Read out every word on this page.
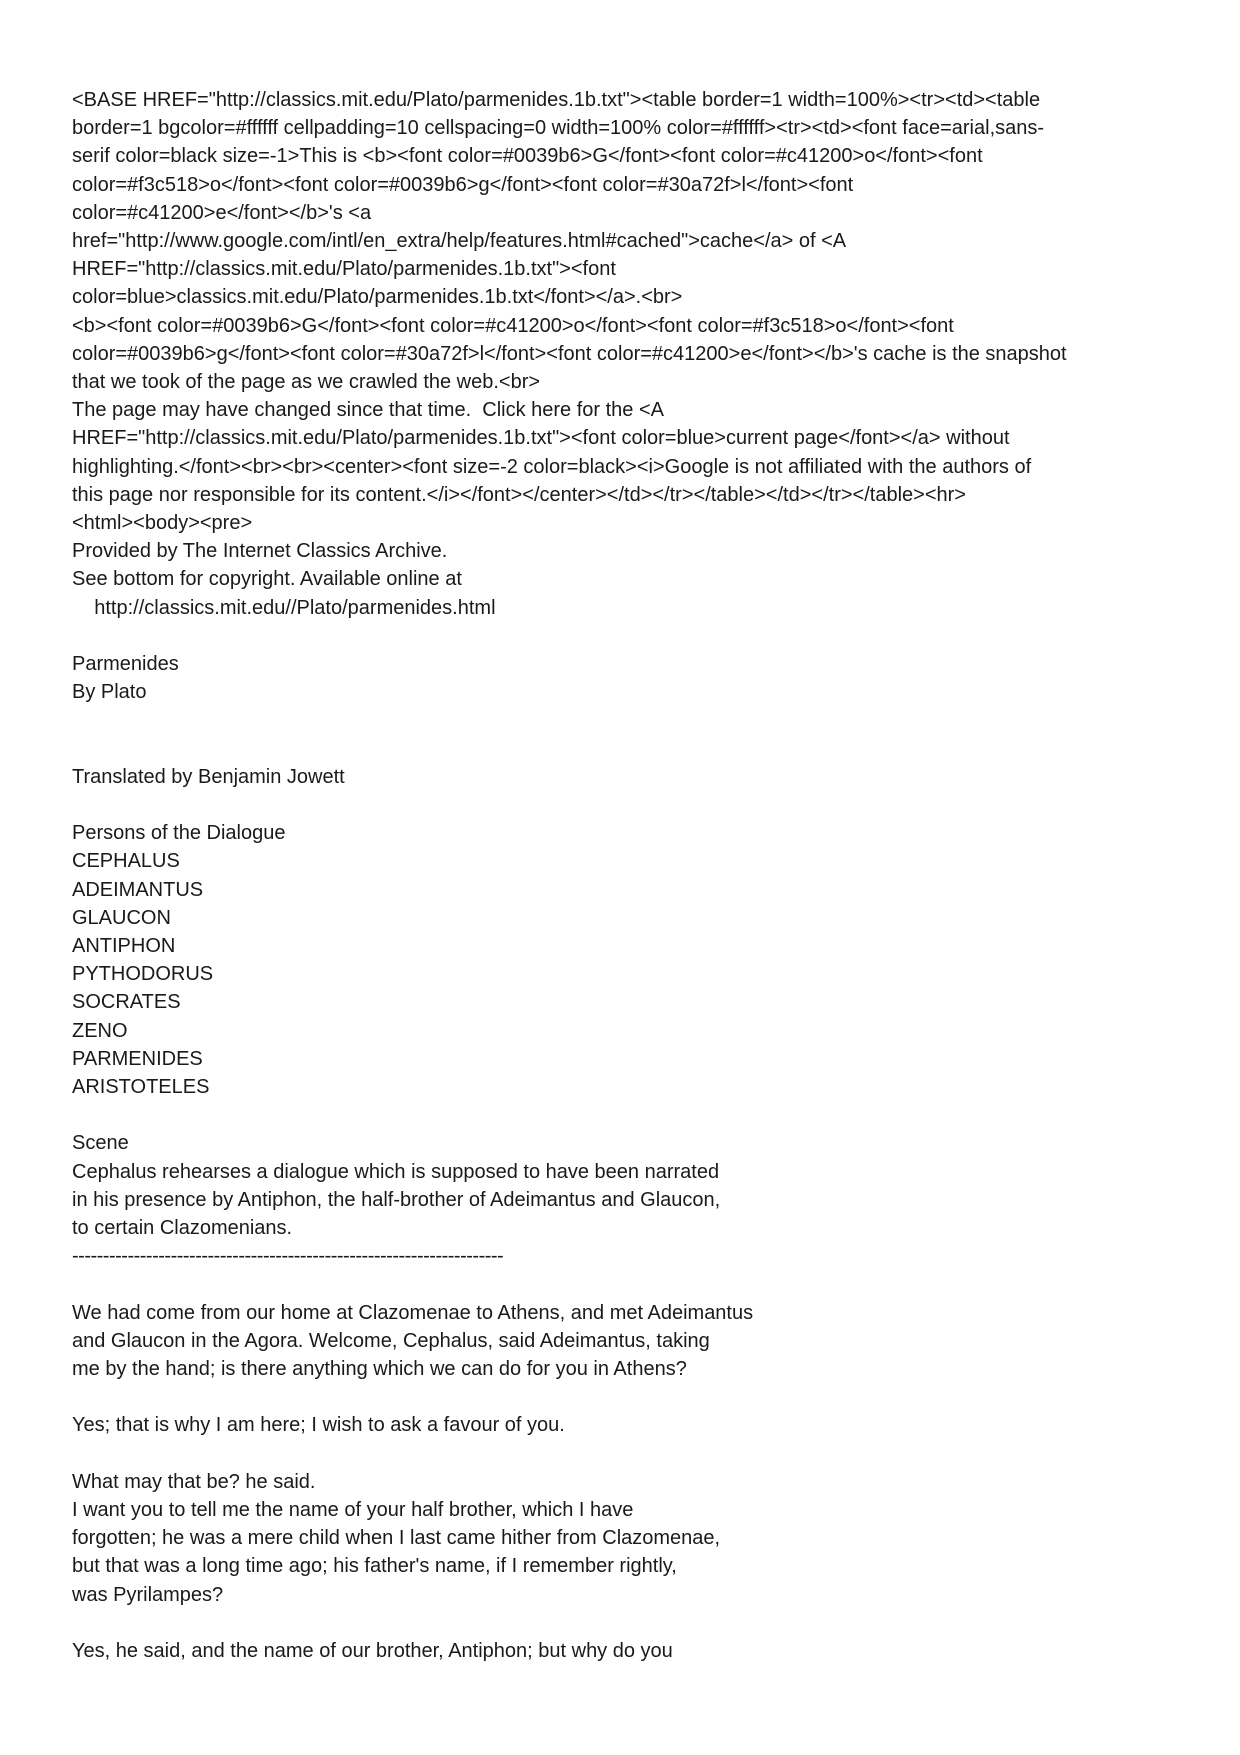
<BASE HREF="http://classics.mit.edu/Plato/parmenides.1b.txt"><table border=1 width=100%><tr><td><table
border=1 bgcolor=#ffffff cellpadding=10 cellspacing=0 width=100% color=#ffffff><tr><td><font face=arial,sans-
serif color=black size=-1>This is <b><font color=#0039b6>G</font><font color=#c41200>o</font><font
color=#f3c518>o</font><font color=#0039b6>g</font><font color=#30a72f>l</font><font
color=#c41200>e</font></b>'s <a
href="http://www.google.com/intl/en_extra/help/features.html#cached">cache</a> of <A
HREF="http://classics.mit.edu/Plato/parmenides.1b.txt"><font
color=blue>classics.mit.edu/Plato/parmenides.1b.txt</font></a>.<br>
<b><font color=#0039b6>G</font><font color=#c41200>o</font><font color=#f3c518>o</font><font
color=#0039b6>g</font><font color=#30a72f>l</font><font color=#c41200>e</font></b>'s cache is the snapshot
that we took of the page as we crawled the web.<br>
The page may have changed since that time.  Click here for the <A
HREF="http://classics.mit.edu/Plato/parmenides.1b.txt"><font color=blue>current page</font></a> without
highlighting.</font><br><br><center><font size=-2 color=black><i>Google is not affiliated with the authors of
this page nor responsible for its content.</i></font></center></td></tr></table></td></tr></table><hr>
<html><body><pre>
Provided by The Internet Classics Archive.
See bottom for copyright. Available online at
http://classics.mit.edu//Plato/parmenides.html
Parmenides
By Plato
Translated by Benjamin Jowett
Persons of the Dialogue
CEPHALUS
ADEIMANTUS
GLAUCON
ANTIPHON
PYTHODORUS
SOCRATES
ZENO
PARMENIDES
ARISTOTELES
Scene
Cephalus rehearses a dialogue which is supposed to have been narrated
in his presence by Antiphon, the half-brother of Adeimantus and Glaucon,
to certain Clazomenians.
----------------------------------------------------------------------
We had come from our home at Clazomenae to Athens, and met Adeimantus
and Glaucon in the Agora. Welcome, Cephalus, said Adeimantus, taking
me by the hand; is there anything which we can do for you in Athens?
Yes; that is why I am here; I wish to ask a favour of you.
What may that be? he said.
I want you to tell me the name of your half brother, which I have
forgotten; he was a mere child when I last came hither from Clazomenae,
but that was a long time ago; his father's name, if I remember rightly,
was Pyrilampes?
Yes, he said, and the name of our brother, Antiphon; but why do you
